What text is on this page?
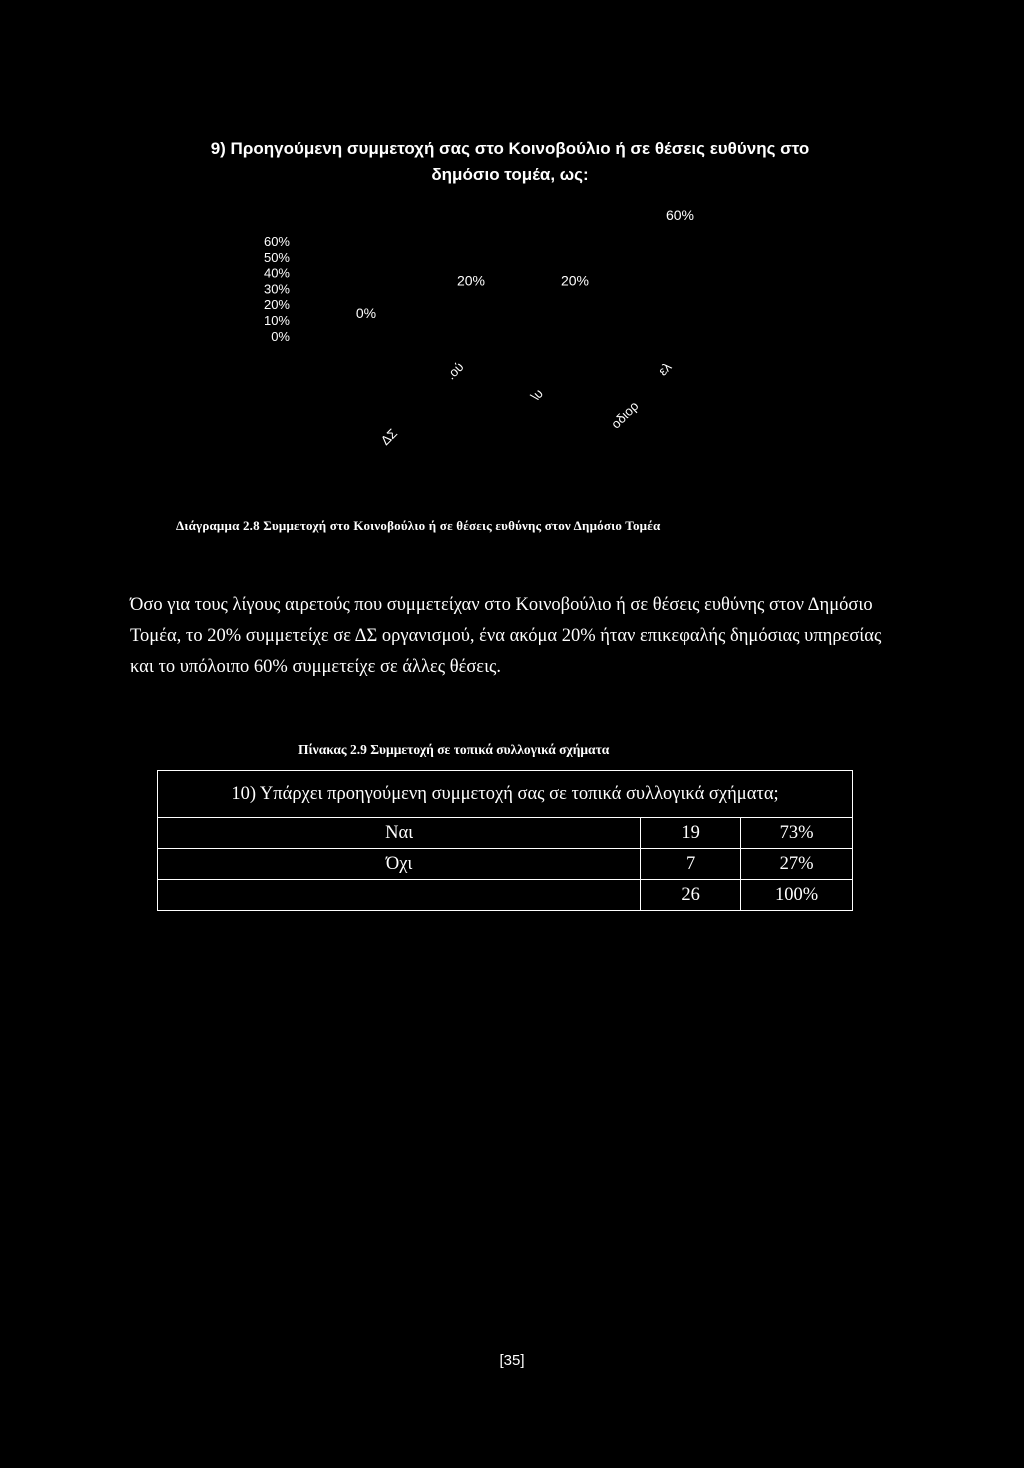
9) Προηγούμενη συμμετοχή σας στο Κοινοβούλιο ή σε θέσεις ευθύνης στο δημόσιο τομέα, ως:
60%
50%
40%
30%
20%
10%
0%
0%
20%	20%
60%
ΔΣ
.ού
\υ
οδιορ
ελ
Διάγραμμα 2.8 Συμμετοχή στο Κοινοβούλιο ή σε θέσεις ευθύνης στον Δημόσιο Τομέα
Όσο για τους λίγους αιρετούς που συμμετείχαν στο Κοινοβούλιο ή σε θέσεις ευθύνης στον Δημόσιο Τομέα, το 20% συμμετείχε σε ΔΣ οργανισμού, ένα ακόμα 20% ήταν επικεφαλής δημόσιας υπηρεσίας και το υπόλοιπο 60% συμμετείχε σε άλλες θέσεις.
Πίνακας 2.9 Συμμετοχή σε τοπικά συλλογικά σχήματα
10) Υπάρχει προηγούμενη συμμετοχή σας σε τοπικά συλλογικά σχήματα;		
Ναι	19	73%
Όχι	7	27%
	26	100%
[35]
